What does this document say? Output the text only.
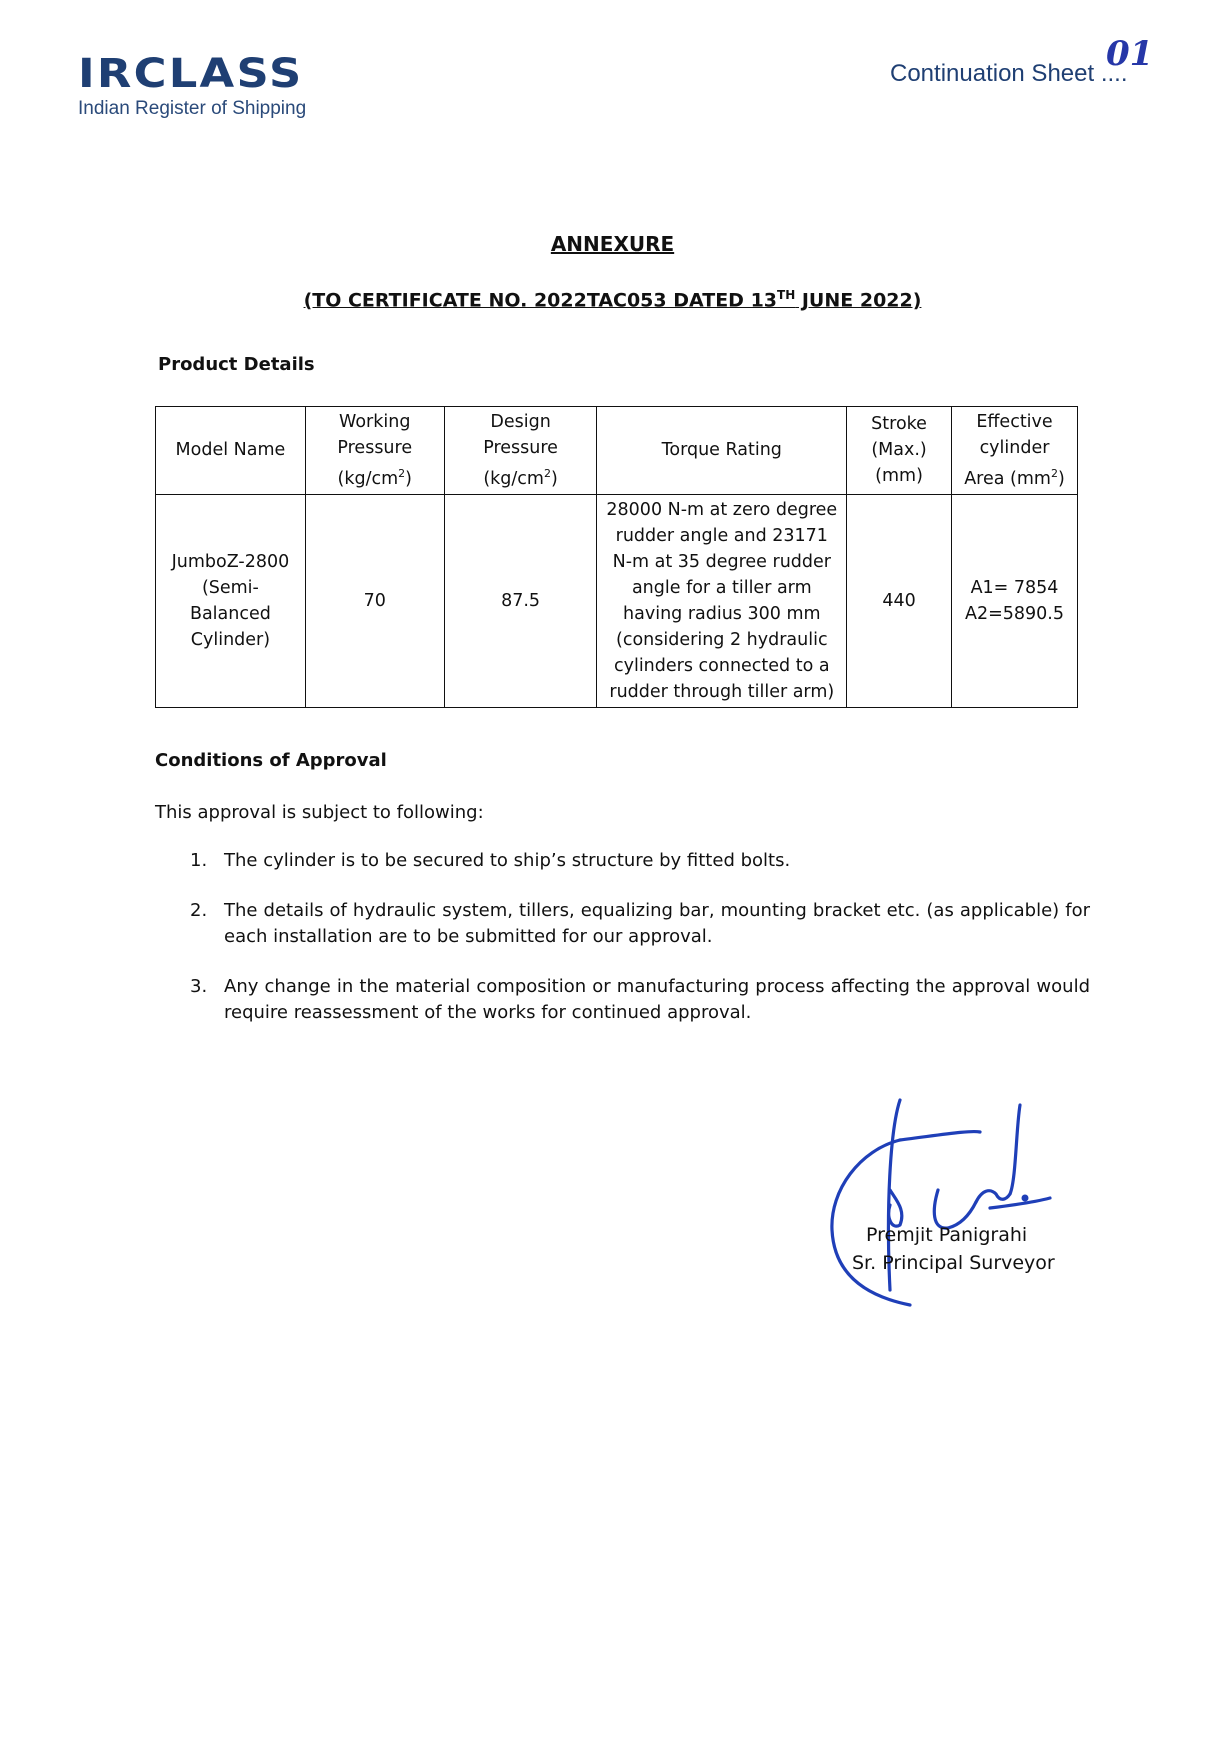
IRCLASS
Indian Register of Shipping
Continuation Sheet ....
01
ANNEXURE
(TO CERTIFICATE NO. 2022TAC053 DATED 13TH JUNE 2022)
Product Details
Model Name	Working Pressure $(kg/cm^2)$	Design Pressure $(kg/cm^2)$	Torque Rating	Stroke (Max.) (mm)	Effective cylinder Area $(mm^2)$
JumboZ-2800 (Semi-Balanced Cylinder)	70	87.5	28000 N-m at zero degree rudder angle and 23171 N-m at 35 degree rudder angle for a tiller arm having radius 300 mm (considering 2 hydraulic cylinders connected to a rudder through tiller arm)	440	A1= 7854
A2=5890.5
Conditions of Approval
This approval is subject to following:
1. The cylinder is to be secured to ship’s structure by fitted bolts.
2. The details of hydraulic system, tillers, equalizing bar, mounting bracket etc. (as applicable) for each installation are to be submitted for our approval.
3. Any change in the material composition or manufacturing process affecting the approval would require reassessment of the works for continued approval.
Premjit Panigrahi
Sr. Principal Surveyor
